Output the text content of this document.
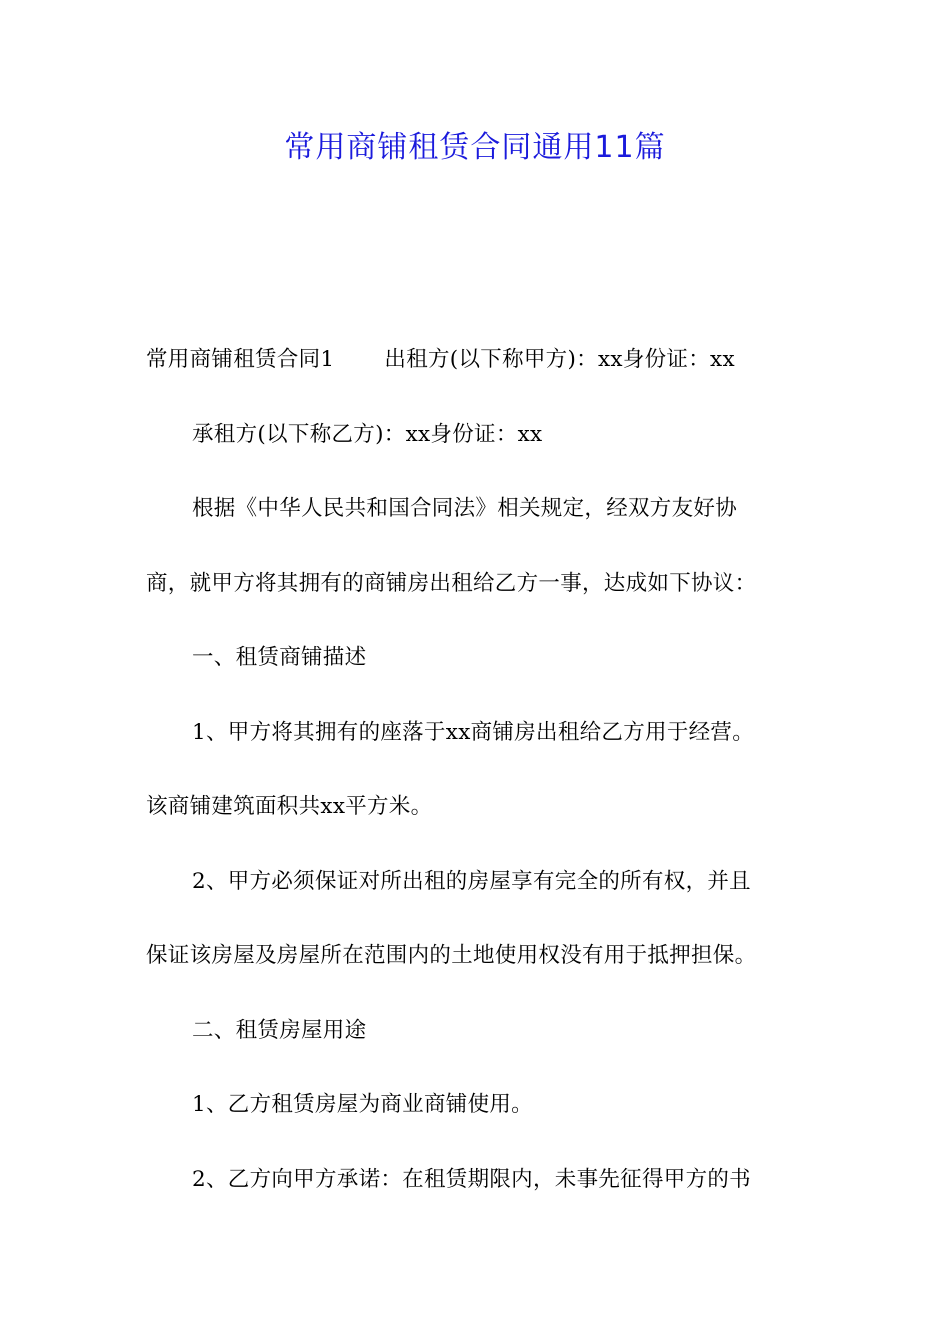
常用商铺租赁合同通用11篇
常用商铺租赁合同1 出租方(以下称甲方)：xx身份证：xx
承租方(以下称乙方)：xx身份证：xx
根据《中华人民共和国合同法》相关规定，经双方友好协
商，就甲方将其拥有的商铺房出租给乙方一事，达成如下协议：
一、租赁商铺描述
1、甲方将其拥有的座落于xx商铺房出租给乙方用于经营。
该商铺建筑面积共xx平方米。
2、甲方必须保证对所出租的房屋享有完全的所有权，并且
保证该房屋及房屋所在范围内的土地使用权没有用于抵押担保。
二、租赁房屋用途
1、乙方租赁房屋为商业商铺使用。
2、乙方向甲方承诺：在租赁期限内，未事先征得甲方的书
